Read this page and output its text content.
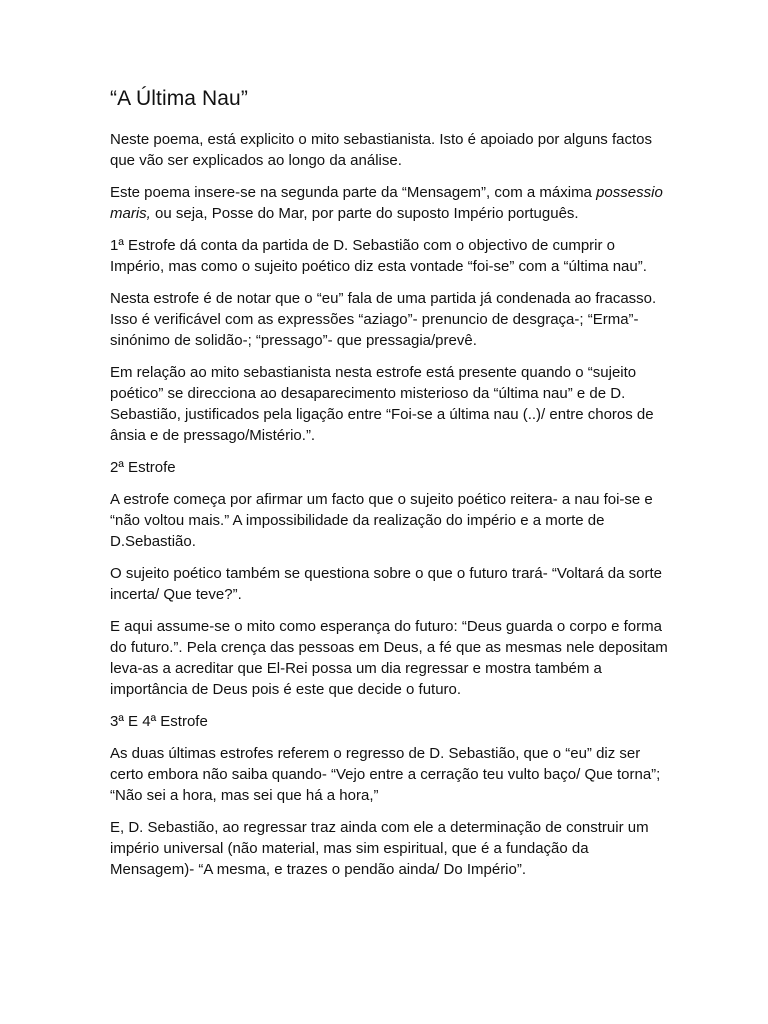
“A Última Nau”

Neste poema, está explicito o mito sebastianista. Isto é apoiado por alguns factos que vão ser explicados ao longo da análise.

Este poema insere-se na segunda parte da “Mensagem”, com a máxima possessio maris, ou seja, Posse do Mar, por parte do suposto Império português.

1ª Estrofe dá conta da partida de D. Sebastião com o objectivo de cumprir o Império, mas como o sujeito poético diz esta vontade “foi-se” com a “última nau”.

Nesta estrofe é de notar que o “eu” fala de uma partida já condenada ao fracasso. Isso é verificável com as expressões “aziago”- prenuncio de desgraça-; “Erma”- sinónimo de solidão-; “pressago”- que pressagia/prevê.

Em relação ao mito sebastianista nesta estrofe está presente quando o “sujeito poético” se direcciona ao desaparecimento misterioso da “última nau” e de D. Sebastião, justificados pela ligação entre “Foi-se a última nau (..)/ entre choros de ânsia e de pressago/Mistério.”.

2ª Estrofe

A estrofe começa por afirmar um facto que o sujeito poético reitera- a nau foi-se e “não voltou mais.” A impossibilidade da realização do império e a morte de D.Sebastião.

O sujeito poético também se questiona sobre o que o futuro trará- “Voltará da sorte incerta/ Que teve?”.

E aqui assume-se o mito como esperança do futuro: “Deus guarda o corpo e forma do futuro.”. Pela crença das pessoas em Deus, a fé que as mesmas nele depositam leva-as a acreditar que El-Rei possa um dia regressar e mostra também a importância de Deus pois é este que decide o futuro.

3ª E 4ª Estrofe

As duas últimas estrofes referem o regresso de D. Sebastião, que o “eu” diz ser certo embora não saiba quando- “Vejo entre a cerração teu vulto baço/ Que torna”; “Não sei a hora, mas sei que há a hora,”

E, D. Sebastião, ao regressar traz ainda com ele a determinação de construir um império universal (não material, mas sim espiritual, que é a fundação da Mensagem)- “A mesma, e trazes o pendão ainda/ Do Império”.
